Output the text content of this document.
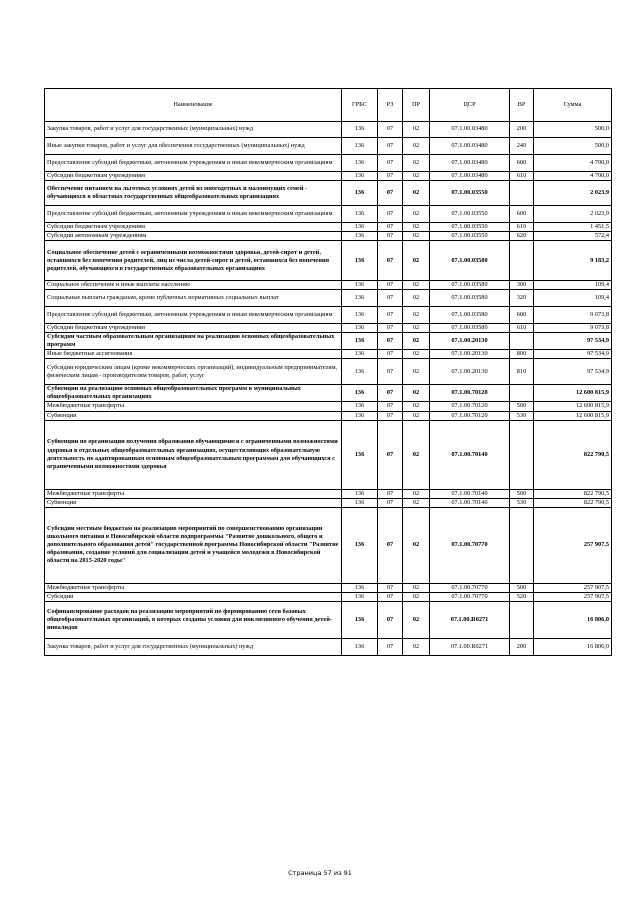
Наименование	ГРБС	РЗ	ПР	ЦСР	ВР	Сумма
Закупка товаров, работ и услуг для государственных (муниципальных) нужд	136	07	02	07.1.00.03480	200	500,0
Иные закупки товаров, работ и услуг для обеспечения государственных (муниципальных) нужд	136	07	02	07.1.00.03480	240	500,0
Предоставление субсидий бюджетным, автономным учреждениям и иным некоммерческим организациям	136	07	02	07.1.00.03480	600	4 700,0
Субсидии бюджетным учреждениям	136	07	02	07.1.00.03480	610	4 700,0
Обеспечение питанием на льготных условиях детей из многодетных и малоимущих семей - обучающихся в областных государственных общеобразовательных организациях	136	07	02	07.1.00.03550		2 023,9
Предоставление субсидий бюджетным, автономным учреждениям и иным некоммерческим организациям	136	07	02	07.1.00.03550	600	2 023,9
Субсидии бюджетным учреждениям	136	07	02	07.1.00.03550	610	1 451,5
Субсидии автономным учреждениям	136	07	02	07.1.00.03550	620	572,4
Социальное обеспечение детей с ограниченными возможностями здоровья, детей-сирот и детей, оставшихся без попечения родителей, лиц из числа детей-сирот и детей, оставшихся без попечения родителей, обучающихся в государственных образовательных организациях	136	07	02	07.1.00.03580		9 183,2
Социальное обеспечение и иные выплаты населению	136	07	02	07.1.00.03580	300	109,4
Социальные выплаты гражданам, кроме публичных нормативных социальных выплат	136	07	02	07.1.00.03580	320	109,4
Предоставление субсидий бюджетным, автономным учреждениям и иным некоммерческим организациям	136	07	02	07.1.00.03580	600	9 073,8
Субсидии бюджетным учреждениям	136	07	02	07.1.00.03580	610	9 073,8
Субсидии частным образовательным организациям на реализацию основных общеобразовательных программ	136	07	02	07.1.00.20130		97 534,9
Иные бюджетные ассигнования	136	07	02	07.1.00.20130	800	97 534,9
Субсидии юридическим лицам (кроме некоммерческих организаций), индивидуальным предпринимателям, физическим лицам - производителям товаров, работ, услуг	136	07	02	07.1.00.20130	810	97 534,9
Субвенции на реализацию основных общеобразовательных программ в муниципальных общеобразовательных организациях	136	07	02	07.1.00.70120		12 600 815,9
Межбюджетные трансферты	136	07	02	07.1.00.70120	500	12 600 815,9
Субвенции	136	07	02	07.1.00.70120	530	12 600 815,9
Субвенции по организации получения образования обучающимися с ограниченными возможностями здоровья в отдельных общеобразовательных организациях, осуществляющих образовательную деятельность по адаптированным основным общеобразовательным программам для обучающихся с ограниченными возможностями здоровья	136	07	02	07.1.00.70140		822 790,5
Межбюджетные трансферты	136	07	02	07.1.00.70140	500	822 790,5
Субвенции	136	07	02	07.1.00.70140	530	822 790,5
Субсидии местным бюджетам на реализацию мероприятий по совершенствованию организации школьного питания в Новосибирской области подпрограммы "Развитие дошкольного, общего и дополнительного образования детей" государственной программы Новосибирской области "Развитие образования, создание условий для социализации детей и учащейся молодежи в Новосибирской области на 2015-2020 годы"	136	07	02	07.1.00.70770		257 907,5
Межбюджетные трансферты	136	07	02	07.1.00.70770	500	257 907,5
Субсидии	136	07	02	07.1.00.70770	520	257 907,5
Софинансирование расходов на реализацию мероприятий по формированию сети базовых общеобразовательных организаций, в которых созданы условия для инклюзивного обучения детей-инвалидов	136	07	02	07.1.00.R0271		16 806,0
Закупка товаров, работ и услуг для государственных (муниципальных) нужд	136	07	02	07.1.00.R0271	200	16 806,0
Страница 57 из 91
